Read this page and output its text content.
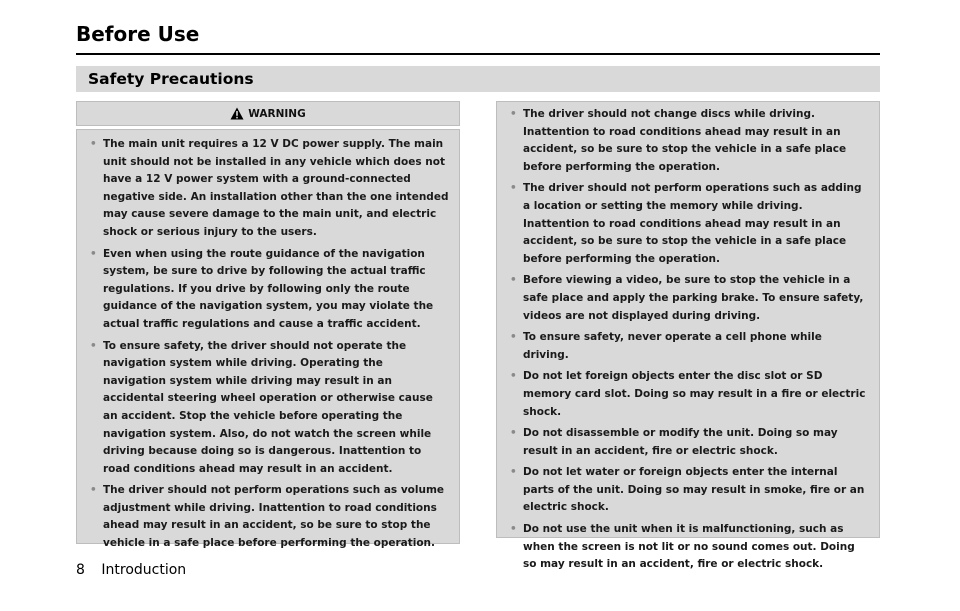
Before Use
Safety Precautions
WARNING
• The main unit requires a 12 V DC power supply. The main unit should not be installed in any vehicle which does not have a 12 V power system with a ground-connected negative side. An installation other than the one intended may cause severe damage to the main unit, and electric shock or serious injury to the users.
• Even when using the route guidance of the navigation system, be sure to drive by following the actual traffic regulations. If you drive by following only the route guidance of the navigation system, you may violate the actual traffic regulations and cause a traffic accident.
• To ensure safety, the driver should not operate the navigation system while driving. Operating the navigation system while driving may result in an accidental steering wheel operation or otherwise cause an accident. Stop the vehicle before operating the navigation system. Also, do not watch the screen while driving because doing so is dangerous. Inattention to road conditions ahead may result in an accident.
• The driver should not perform operations such as volume adjustment while driving. Inattention to road conditions ahead may result in an accident, so be sure to stop the vehicle in a safe place before performing the operation.
• The driver should not change discs while driving. Inattention to road conditions ahead may result in an accident, so be sure to stop the vehicle in a safe place before performing the operation.
• The driver should not perform operations such as adding a location or setting the memory while driving. Inattention to road conditions ahead may result in an accident, so be sure to stop the vehicle in a safe place before performing the operation.
• Before viewing a video, be sure to stop the vehicle in a safe place and apply the parking brake. To ensure safety, videos are not displayed during driving.
• To ensure safety, never operate a cell phone while driving.
• Do not let foreign objects enter the disc slot or SD memory card slot. Doing so may result in a fire or electric shock.
• Do not disassemble or modify the unit. Doing so may result in an accident, fire or electric shock.
• Do not let water or foreign objects enter the internal parts of the unit. Doing so may result in smoke, fire or an electric shock.
• Do not use the unit when it is malfunctioning, such as when the screen is not lit or no sound comes out. Doing so may result in an accident, fire or electric shock.
8 Introduction
